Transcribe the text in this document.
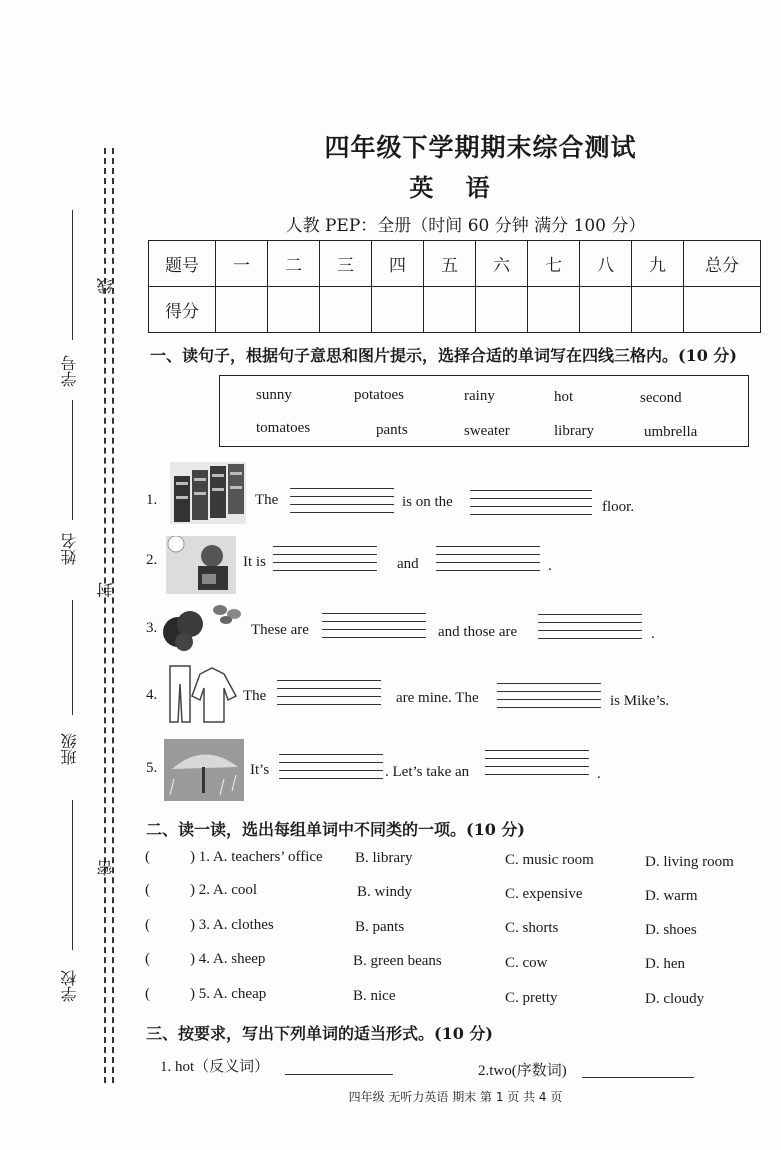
线
封
密
学号
姓名
班级
学校
四年级下学期期末综合测试
英 语
人教 PEP：全册（时间 60 分钟 满分 100 分）
题号	一	二	三	四	五	六	七	八	九	总分
得分										
一、读句子，根据句子意思和图片提示，选择合适的单词写在四线三格内。(10 分)
sunny	potatoes	rainy	hot	second
tomatoes	pants	sweater	library	umbrella
1.	The	is on the	floor.
2.	It is	and	.
3.	These are	and those are	.
4.	The	are mine. The	is Mike’s.
5.	It’s	. Let’s take an	.
二、读一读，选出每组单词中不同类的一项。(10 分)
(	) 1. A. teachers’ office B. library	C. music room	D. living room
(	) 2. A. cool	B. windy	C. expensive	D. warm
(	) 3. A. clothes	B. pants	C. shorts	D. shoes
(	) 4. A. sheep	B. green beans	C. cow	D. hen
(	) 5. A. cheap	B. nice	C. pretty	D. cloudy
三、按要求，写出下列单词的适当形式。(10 分)
1. hot（反义词）	2.two(序数词)
四年级 无听力英语 期末 第 1 页 共 4 页
